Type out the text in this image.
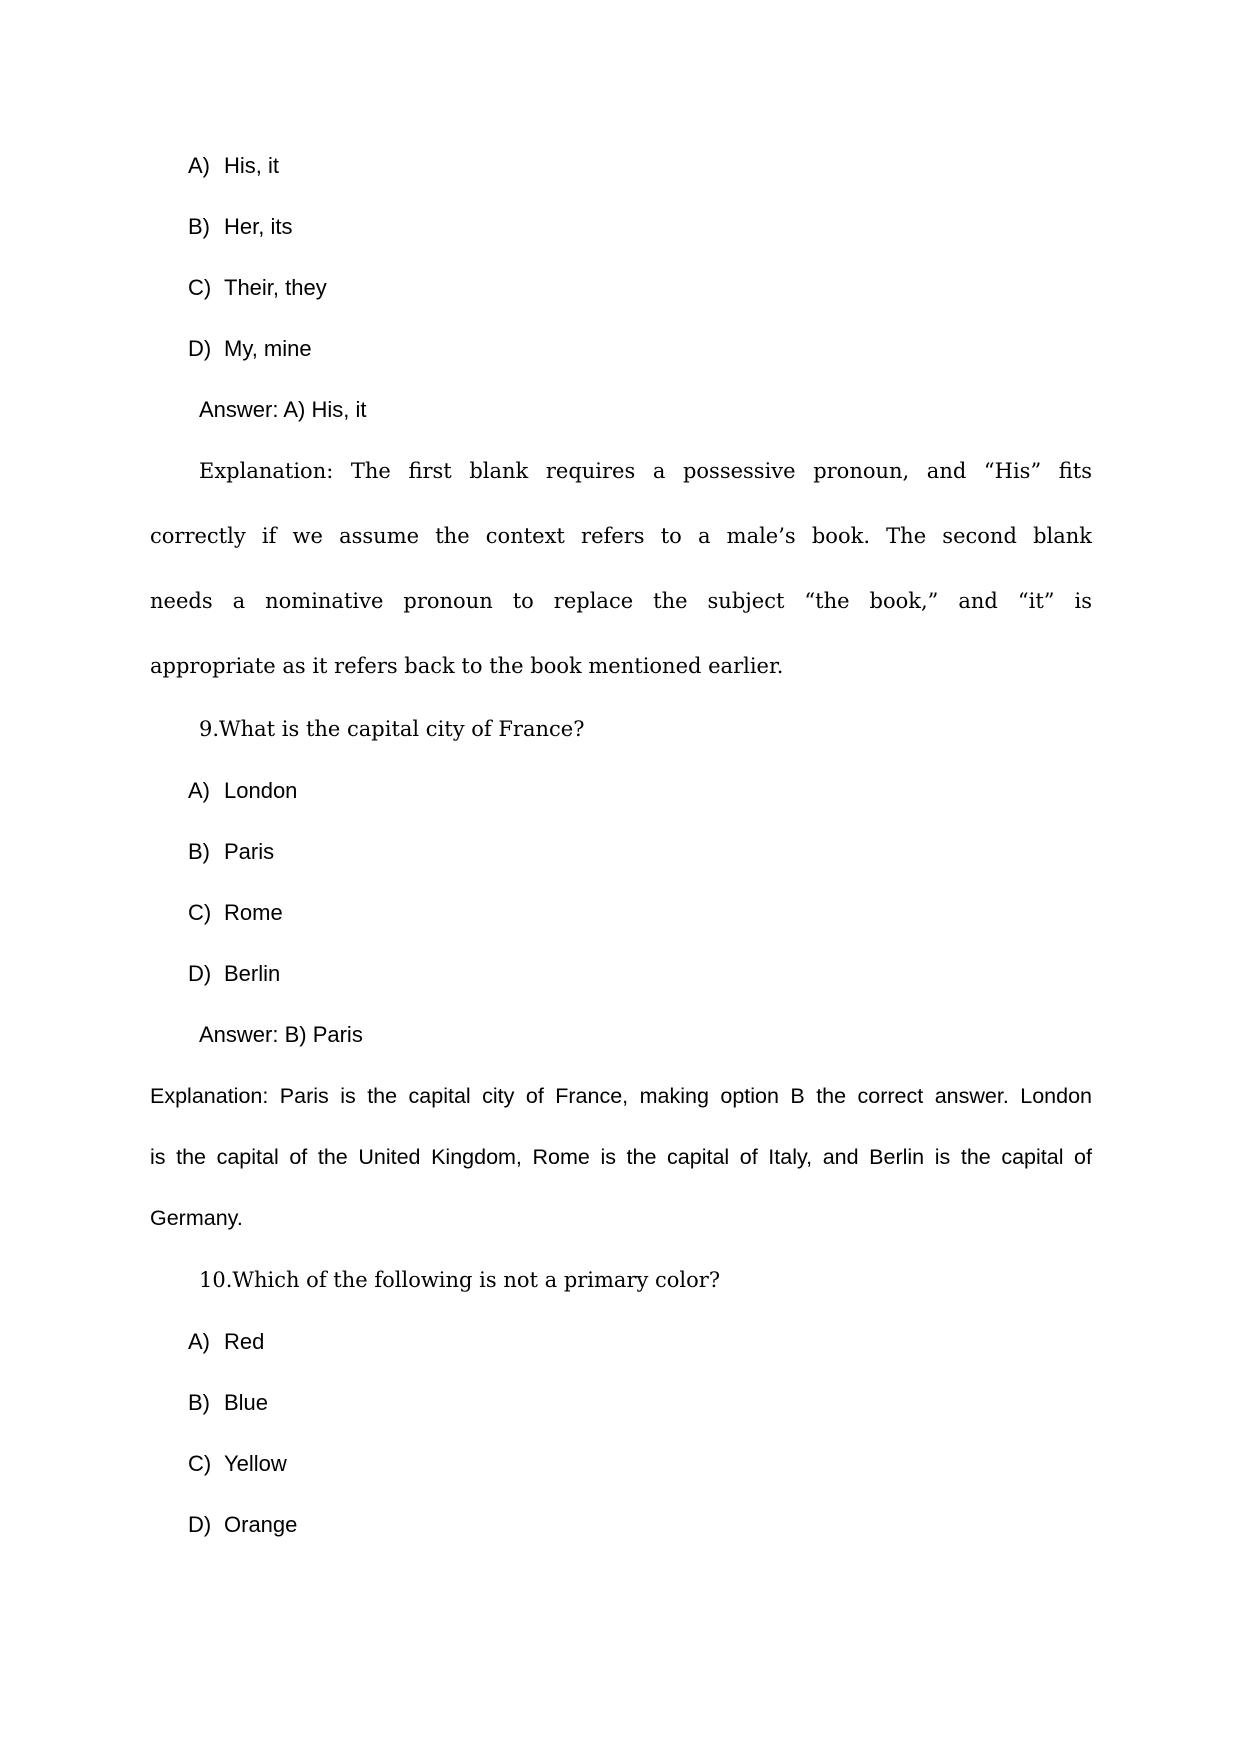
A) His, it
B) Her, its
C) Their, they
D) My, mine
Answer: A) His, it
Explanation: The first blank requires a possessive pronoun, and “His” fits
correctly if we assume the context refers to a male’s book. The second blank
needs a nominative pronoun to replace the subject “the book,” and “it” is
appropriate as it refers back to the book mentioned earlier.
9.What is the capital city of France?
A) London
B) Paris
C) Rome
D) Berlin
Answer: B) Paris
Explanation: Paris is the capital city of France, making option B the correct answer. London
is the capital of the United Kingdom, Rome is the capital of Italy, and Berlin is the capital of
Germany.
10.Which of the following is not a primary color?
A) Red
B) Blue
C) Yellow
D) Orange
